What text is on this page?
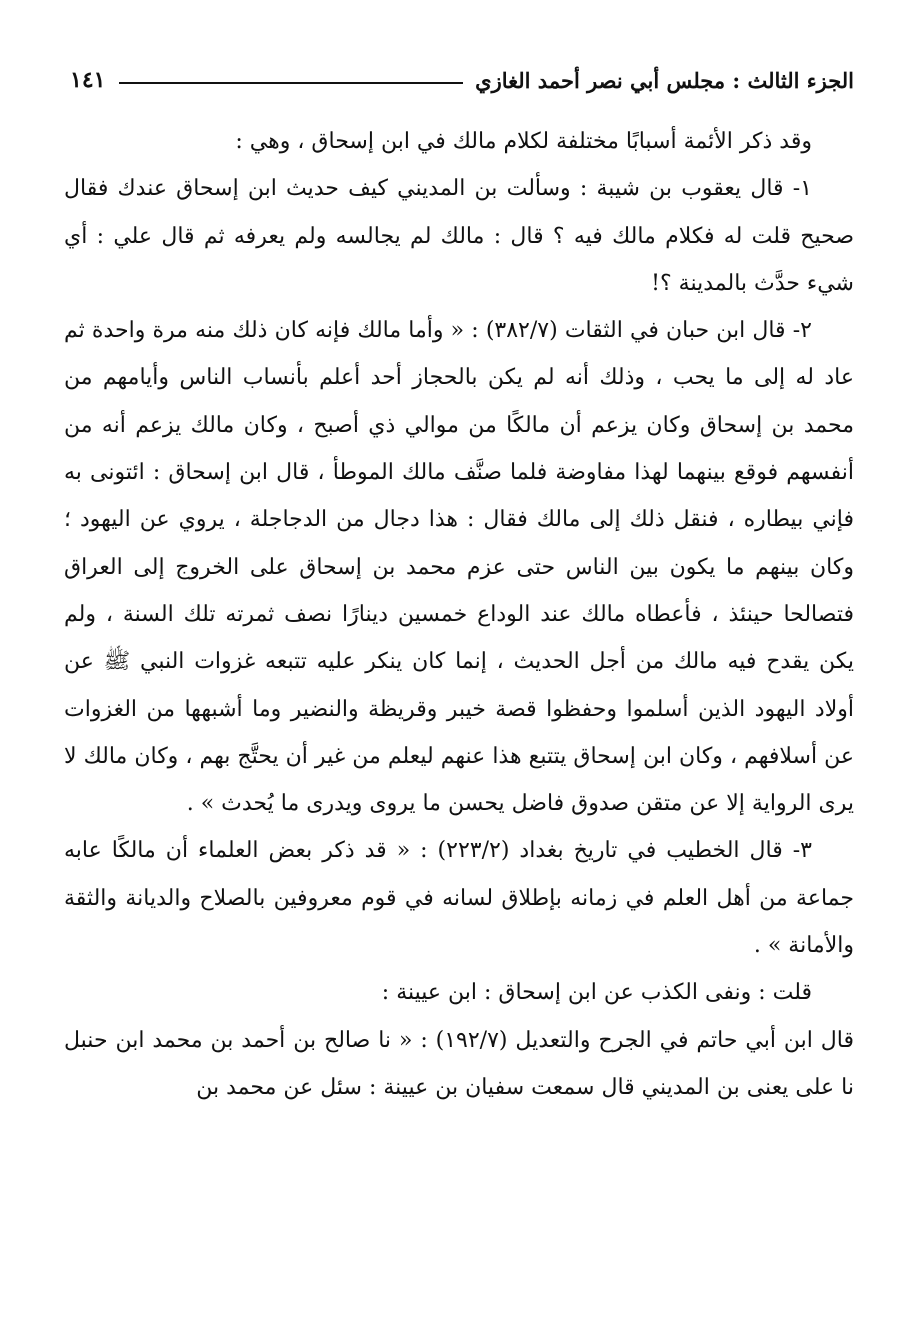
الجزء الثالث : مجلس أبي نصر أحمد الغازي
١٤١

وقد ذكر الأئمة أسبابًا مختلفة لكلام مالك في ابن إسحاق ، وهي :

١- قال يعقوب بن شيبة : وسألت بن المديني كيف حديث ابن إسحاق عندك فقال صحيح قلت له فكلام مالك فيه ؟ قال : مالك لم يجالسه ولم يعرفه ثم قال علي : أي شيء حدَّث بالمدينة ؟!

٢- قال ابن حبان في الثقات (٣٨٢/٧) : « وأما مالك فإنه كان ذلك منه مرة واحدة ثم عاد له إلى ما يحب ، وذلك أنه لم يكن بالحجاز أحد أعلم بأنساب الناس وأيامهم من محمد بن إسحاق وكان يزعم أن مالكًا من موالي ذي أصبح ، وكان مالك يزعم أنه من أنفسهم فوقع بينهما لهذا مفاوضة فلما صنَّف مالك الموطأ ، قال ابن إسحاق : ائتونى به فإني بيطاره ، فنقل ذلك إلى مالك فقال : هذا دجال من الدجاجلة ، يروي عن اليهود ؛ وكان بينهم ما يكون بين الناس حتى عزم محمد بن إسحاق على الخروج إلى العراق فتصالحا حينئذ ، فأعطاه مالك عند الوداع خمسين دينارًا نصف ثمرته تلك السنة ، ولم يكن يقدح فيه مالك من أجل الحديث ، إنما كان ينكر عليه تتبعه غزوات النبي ﷺ عن أولاد اليهود الذين أسلموا وحفظوا قصة خيبر وقريظة والنضير وما أشبهها من الغزوات عن أسلافهم ، وكان ابن إسحاق يتتبع هذا عنهم ليعلم من غير أن يحتَّج بهم ، وكان مالك لا يرى الرواية إلا عن متقن صدوق فاضل يحسن ما يروى ويدرى ما يُحدث » .

٣- قال الخطيب في تاريخ بغداد (٢٢٣/٢) : « قد ذكر بعض العلماء أن مالكًا عابه جماعة من أهل العلم في زمانه بإطلاق لسانه في قوم معروفين بالصلاح والديانة والثقة والأمانة » .

قلت : ونفى الكذب عن ابن إسحاق : ابن عيينة :

قال ابن أبي حاتم في الجرح والتعديل (١٩٢/٧) : « نا صالح بن أحمد بن محمد ابن حنبل نا على يعنى بن المديني قال سمعت سفيان بن عيينة : سئل عن محمد بن
